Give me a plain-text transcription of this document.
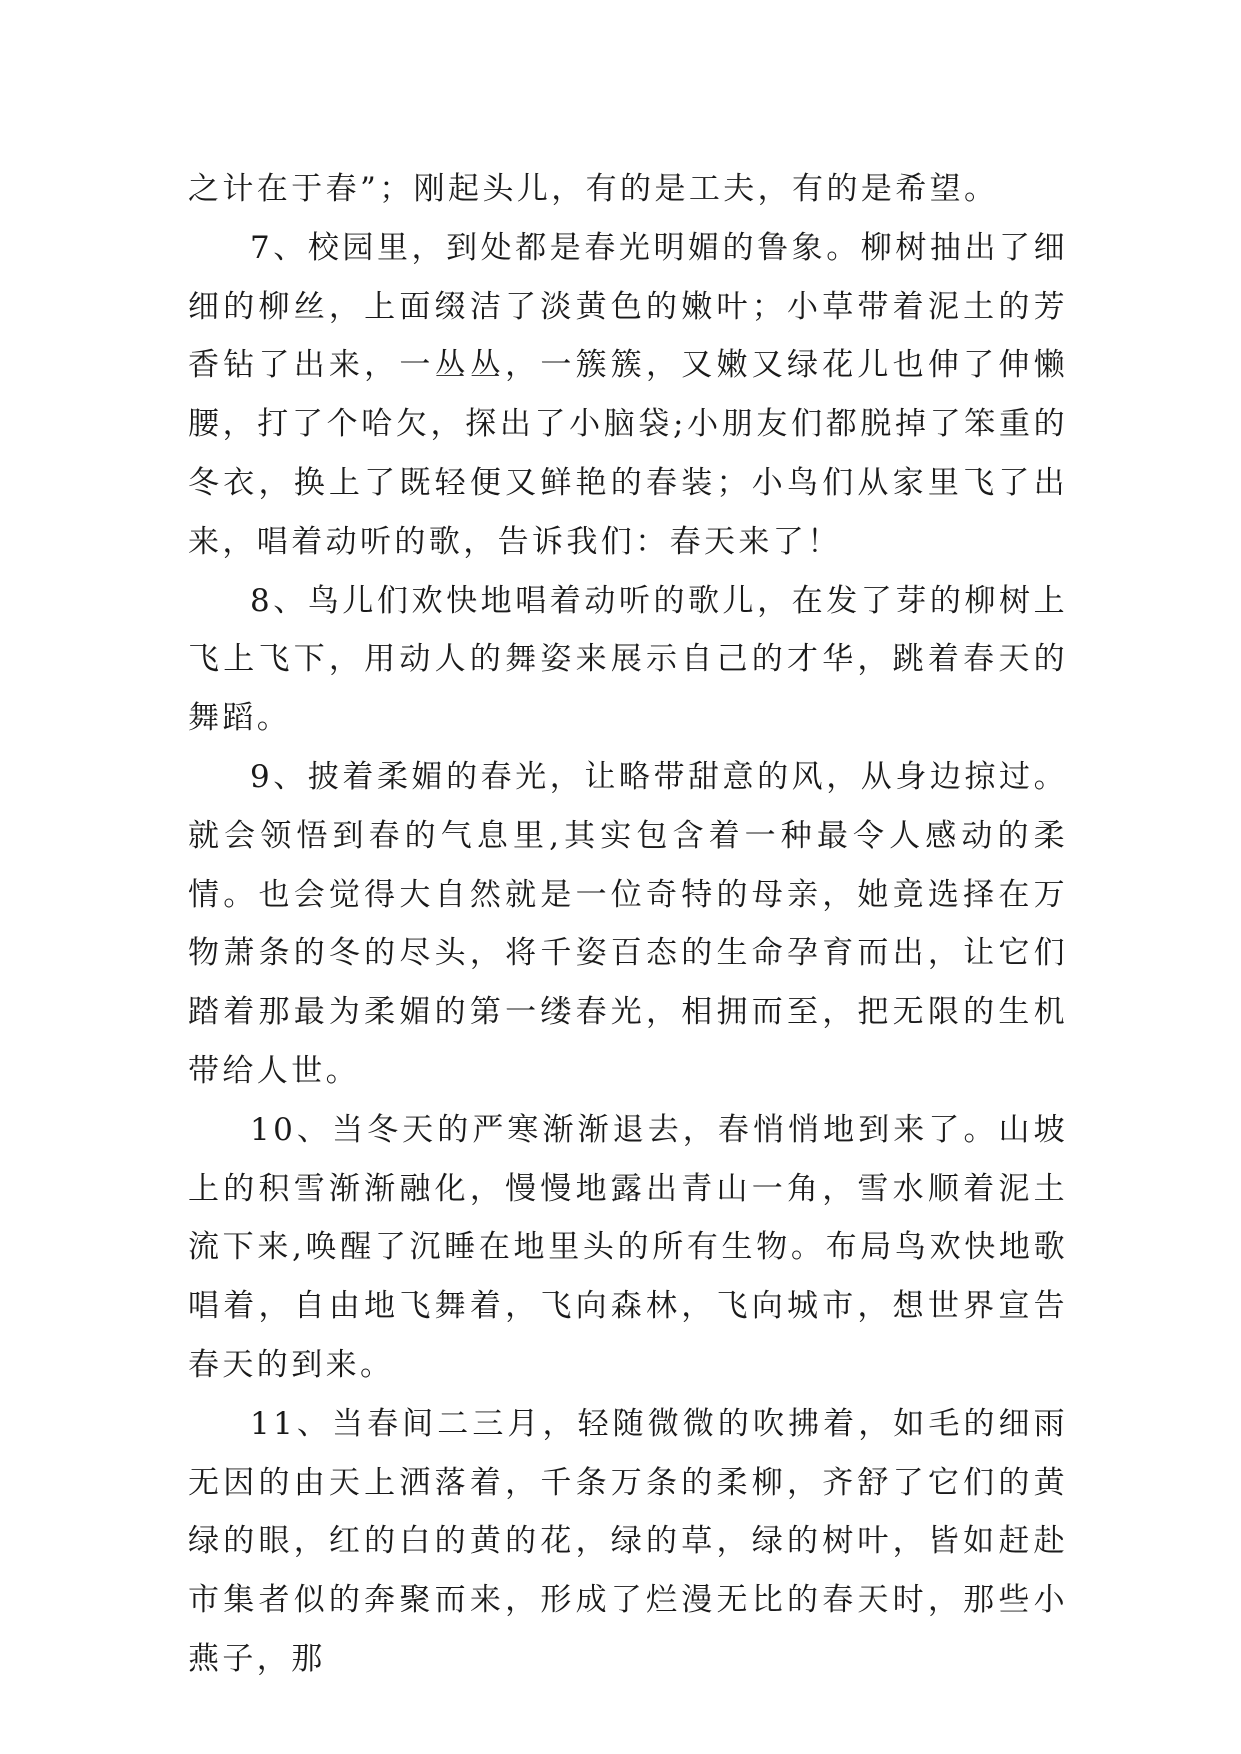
之计在于春”；刚起头儿，有的是工夫，有的是希望。

7、校园里，到处都是春光明媚的鲁象。柳树抽出了细细的柳丝，上面缀洁了淡黄色的嫩叶；小草带着泥土的芳香钻了出来，一丛丛，一簇簇，又嫩又绿花儿也伸了伸懒腰，打了个哈欠，探出了小脑袋;小朋友们都脱掉了笨重的冬衣，换上了既轻便又鲜艳的春装；小鸟们从家里飞了出来，唱着动听的歌，告诉我们：春天来了！

8、鸟儿们欢快地唱着动听的歌儿，在发了芽的柳树上飞上飞下，用动人的舞姿来展示自己的才华，跳着春天的舞蹈。

9、披着柔媚的春光，让略带甜意的风，从身边掠过。就会领悟到春的气息里,其实包含着一种最令人感动的柔情。也会觉得大自然就是一位奇特的母亲，她竟选择在万物萧条的冬的尽头，将千姿百态的生命孕育而出，让它们踏着那最为柔媚的第一缕春光，相拥而至，把无限的生机带给人世。

10、当冬天的严寒渐渐退去，春悄悄地到来了。山坡上的积雪渐渐融化，慢慢地露出青山一角，雪水顺着泥土流下来,唤醒了沉睡在地里头的所有生物。布局鸟欢快地歌唱着，自由地飞舞着，飞向森林，飞向城市，想世界宣告春天的到来。

11、当春间二三月，轻随微微的吹拂着，如毛的细雨无因的由天上洒落着，千条万条的柔柳，齐舒了它们的黄绿的眼，红的白的黄的花，绿的草，绿的树叶，皆如赶赴市集者似的奔聚而来，形成了烂漫无比的春天时，那些小燕子，那
